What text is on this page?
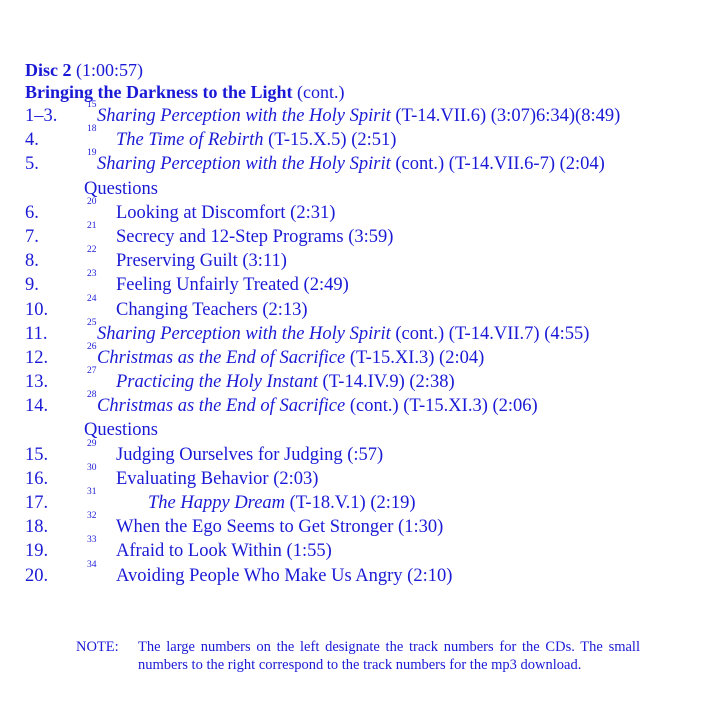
Disc 2 (1:00:57)
Bringing the Darkness to the Light (cont.)
1–3.
15
Sharing Perception with the Holy Spirit (T-14.VII.6) (3:07)6:34)(8:49)
4.
18
The Time of Rebirth (T-15.X.5) (2:51)
5.
19
Sharing Perception with the Holy Spirit (cont.) (T-14.VII.6-7) (2:04)
Questions
6.
20
Looking at Discomfort (2:31)
7.
21
Secrecy and 12-Step Programs (3:59)
8.
22
Preserving Guilt (3:11)
9.
23
Feeling Unfairly Treated (2:49)
10.
24
Changing Teachers (2:13)
11.
25
Sharing Perception with the Holy Spirit (cont.) (T-14.VII.7) (4:55)
12.
26
Christmas as the End of Sacrifice (T-15.XI.3) (2:04)
13.
27
Practicing the Holy Instant (T-14.IV.9) (2:38)
14.
28
Christmas as the End of Sacrifice (cont.) (T-15.XI.3) (2:06)
Questions
15.
29
Judging Ourselves for Judging (:57)
16.
30
Evaluating Behavior (2:03)
17.
31
The Happy Dream (T-18.V.1) (2:19)
18.
32
When the Ego Seems to Get Stronger (1:30)
19.
33
Afraid to Look Within (1:55)
20.
34
Avoiding People Who Make Us Angry (2:10)
NOTE: The large numbers on the left designate the track numbers for the CDs. The small numbers to the right correspond to the track numbers for the mp3 download.
